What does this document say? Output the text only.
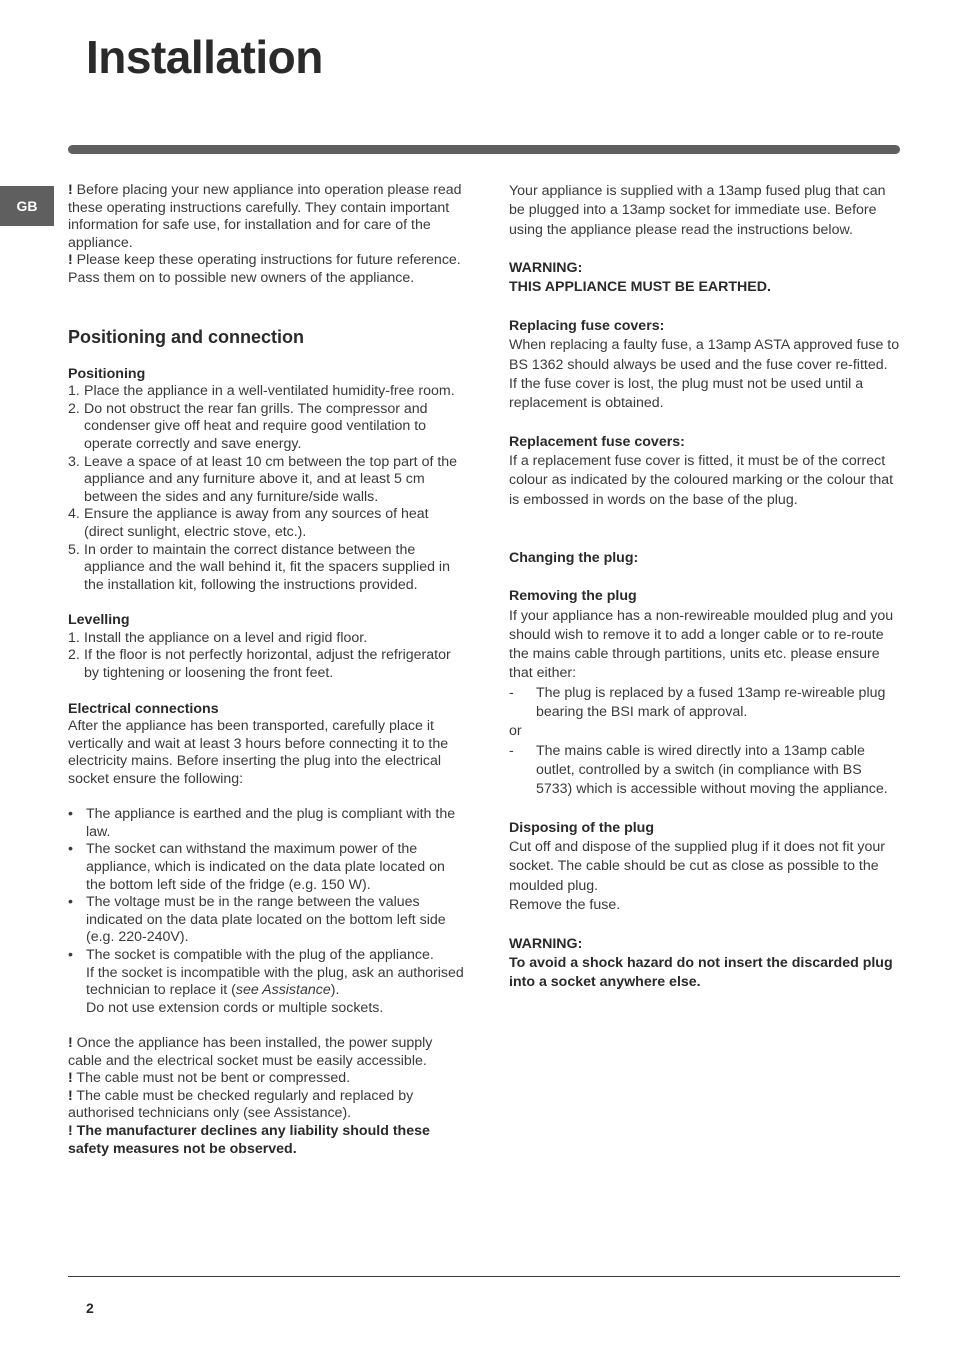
Installation
GB

! Before placing your new appliance into operation please read these operating instructions carefully. They contain important information for safe use, for installation and for care of the appliance.

! Please keep these operating instructions for future reference. Pass them on to possible new owners of the appliance.

Positioning and connection

Positioning

1. Place the appliance in a well-ventilated humidity-free room.
2. Do not obstruct the rear fan grills. The compressor and condenser give off heat and require good ventilation to operate correctly and save energy.
3. Leave a space of at least 10 cm between the top part of the appliance and any furniture above it, and at least 5 cm between the sides and any furniture/side walls.
4. Ensure the appliance is away from any sources of heat (direct sunlight, electric stove, etc.).
5. In order to maintain the correct distance between the appliance and the wall behind it, fit the spacers supplied in the installation kit, following the instructions provided.

Levelling

1. Install the appliance on a level and rigid floor.
2. If the floor is not perfectly horizontal, adjust the refrigerator by tightening or loosening the front feet.

Electrical connections

After the appliance has been transported, carefully place it vertically and wait at least 3 hours before connecting it to the electricity mains. Before inserting the plug into the electrical socket ensure the following:

• The appliance is earthed and the plug is compliant with the law.
• The socket can withstand the maximum power of the appliance, which is indicated on the data plate located on the bottom left side of the fridge (e.g. 150 W).
• The voltage must be in the range between the values indicated on the data plate located on the bottom left side (e.g. 220-240V).
• The socket is compatible with the plug of the appliance.
If the socket is incompatible with the plug, ask an authorised technician to replace it (see Assistance).
Do not use extension cords or multiple sockets.

! Once the appliance has been installed, the power supply cable and the electrical socket must be easily accessible.

! The cable must not be bent or compressed.

! The cable must be checked regularly and replaced by authorised technicians only (see Assistance).

! The manufacturer declines any liability should these safety measures not be observed.

Your appliance is supplied with a 13amp fused plug that can be plugged into a 13amp socket for immediate use. Before using the appliance please read the instructions below.

WARNING:

THIS APPLIANCE MUST BE EARTHED.

Replacing fuse covers:

When replacing a faulty fuse, a 13amp ASTA approved fuse to BS 1362 should always be used and the fuse cover re-fitted.

If the fuse cover is lost, the plug must not be used until a replacement is obtained.

Replacement fuse covers:

If a replacement fuse cover is fitted, it must be of the correct colour as indicated by the coloured marking or the colour that is embossed in words on the base of the plug.

Changing the plug:

Removing the plug

If your appliance has a non-rewireable moulded plug and you should wish to remove it to add a longer cable or to re-route the mains cable through partitions, units etc. please ensure that either:

- The plug is replaced by a fused 13amp re-wireable plug bearing the BSI mark of approval.

or

- The mains cable is wired directly into a 13amp cable outlet, controlled by a switch (in compliance with BS 5733) which is accessible without moving the appliance.

Disposing of the plug

Cut off and dispose of the supplied plug if it does not fit your socket. The cable should be cut as close as possible to the moulded plug.

Remove the fuse.

WARNING:

To avoid a shock hazard do not insert the discarded plug into a socket anywhere else.

2
